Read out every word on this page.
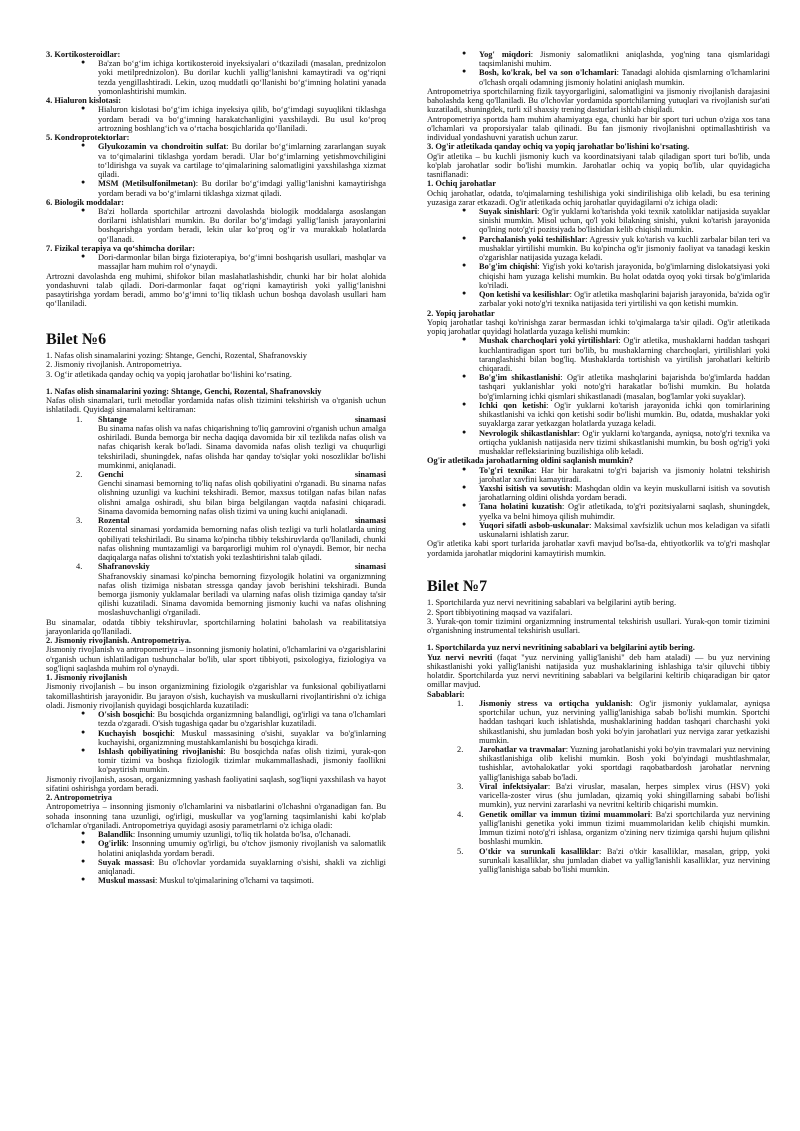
3. Kortikosteroidlar:

● Ba'zan bo‘g‘im ichiga kortikosteroid inyeksiyalari o‘tkaziladi (masalan, prednizolon yoki metilprednizolon). Bu dorilar kuchli yallig‘lanishni kamaytiradi va og‘riqni tezda yengillashtiradi. Lekin, uzoq muddatli qo‘llanishi bo‘g‘imning holatini yanada yomonlashtirishi mumkin.

4. Hialuron kislotasi:

● Hialuron kislotasi bo‘g‘im ichiga inyeksiya qilib, bo‘g‘imdagi suyuqlikni tiklashga yordam beradi va bo‘g‘imning harakatchanligini yaxshilaydi. Bu usul ko‘proq artrozning boshlang‘ich va o‘rtacha bosqichlarida qo‘llaniladi.

5. Kondroprotektorlar:

● Glyukozamin va chondroitin sulfat: Bu dorilar bo‘g‘imlarning zararlangan suyak va to‘qimalarini tiklashga yordam beradi. Ular bo‘g‘imlarning yetishmovchiligini to‘ldirishga va suyak va cartilage to‘qimalarining salomatligini yaxshilashga xizmat qiladi.
● MSM (Metilsulfonilmetan): Bu dorilar bo‘g‘imdagi yallig‘lanishni kamaytirishga yordam beradi va bo‘g‘imlarni tiklashga xizmat qiladi.

6. Biologik moddalar:

● Ba'zi hollarda sportchilar artrozni davolashda biologik moddalarga asoslangan dorilarni ishlatishlari mumkin. Bu dorilar bo‘g‘imdagi yallig‘lanish jarayonlarini boshqarishga yordam beradi, lekin ular ko‘proq og‘ir va murakkab holatlarda qo‘llanadi.

7. Fizikal terapiya va qo‘shimcha dorilar:

● Dori-darmonlar bilan birga fizioterapiya, bo‘g‘imni boshqarish usullari, mashqlar va massajlar ham muhim rol o‘ynaydi.

Artrozni davolashda eng muhimi, shifokor bilan maslahatlashishdir, chunki har bir holat alohida yondashuvni talab qiladi. Dori-darmonlar faqat og‘riqni kamaytirish yoki yallig‘lanishni pasaytirishga yordam beradi, ammo bo‘g‘imni to‘liq tiklash uchun boshqa davolash usullari ham qo‘llaniladi.

Bilet №6

1. Nafas olish sinamalarini yozing: Shtange, Genchi, Rozental, Shafranovskiy

2. Jismoniy rivojlanish. Antropometriya.

3. Og‘ir atletikada qanday ochiq va yopiq jarohatlar bo‘lishini ko‘rsating.

1. Nafas olish sinamalarini yozing: Shtange, Genchi, Rozental, Shafranovskiy

Nafas olish sinamalari, turli metodlar yordamida nafas olish tizimini tekshirish va o'rganish uchun ishlatiladi. Quyidagi sinamalarni keltiraman:

1. Shtange	sinamasi
Bu sinama nafas olish va nafas chiqarishning to'liq gamrovini o'rganish uchun amalga oshiriladi. Bunda bemorga bir necha daqiqa davomida bir xil tezlikda nafas olish va nafas chiqarish kerak bo'ladi. Sinama davomida nafas olish tezligi va chuqurligi tekshiriladi, shuningdek, nafas olishda har qanday to'siqlar yoki nosozliklar bo'lishi mumkinmi, aniqlanadi.
2. Genchi	sinamasi
Genchi sinamasi bemorning to'liq nafas olish qobiliyatini o'rganadi. Bu sinama nafas olishning uzunligi va kuchini tekshiradi. Bemor, maxsus totilgan nafas bilan nafas olishni amalga oshiradi, shu bilan birga belgilangan vaqtda nafasini chiqaradi. Sinama davomida bemorning nafas olish tizimi va uning kuchi aniqlanadi.
3. Rozental	sinamasi
Rozental sinamasi yordamida bemorning nafas olish tezligi va turli holatlarda uning qobiliyati tekshiriladi. Bu sinama ko'pincha tibbiy tekshiruvlarda qo'llaniladi, chunki nafas olishning muntazamligi va barqarorligi muhim rol o'ynaydi. Bemor, bir necha daqiqalarga nafas olishni to'xtatish yoki tezlashtirishni talab qiladi.
4. Shafranovskiy	sinamasi
Shafranovskiy sinamasi ko'pincha bemorning fizyologik holatini va organizmning nafas olish tizimiga nisbatan stressga qanday javob berishini tekshiradi. Bunda bemorga jismoniy yuklamalar beriladi va ularning nafas olish tizimiga qanday ta'sir qilishi kuzatiladi. Sinama davomida bemorning jismoniy kuchi va nafas olishning moslashuvchanligi o'rganiladi.

Bu sinamalar, odatda tibbiy tekshiruvlar, sportchilarning holatini baholash va reabilitatsiya jarayonlarida qo'llaniladi.

2. Jismoniy rivojlanish. Antropometriya.

Jismoniy rivojlanish va antropometriya – insonning jismoniy holatini, o'lchamlarini va o'zgarishlarini o'rganish uchun ishlatiladigan tushunchalar bo'lib, ular sport tibbiyoti, psixologiya, fiziologiya va sog'liqni saqlashda muhim rol o'ynaydi.

1. Jismoniy rivojlanish

Jismoniy rivojlanish – bu inson organizmining fiziologik o'zgarishlar va funksional qobiliyatlarni takomillashtirish jarayonidir. Bu jarayon o'sish, kuchayish va muskullarni rivojlantirishni o'z ichiga oladi. Jismoniy rivojlanish quyidagi bosqichlarda kuzatiladi:

● O'sish bosqichi: Bu bosqichda organizmning balandligi, og'irligi va tana o'lchamlari tezda o'zgaradi. O'sish tugashiga qadar bu o'zgarishlar kuzatiladi.
● Kuchayish bosqichi: Muskul massasining o'sishi, suyaklar va bo'g'inlarning kuchayishi, organizmning mustahkamlanishi bu bosqichga kiradi.
● Ishlash qobiliyatining rivojlanishi: Bu bosqichda nafas olish tizimi, yurak-qon tomir tizimi va boshqa fiziologik tizimlar mukammallashadi, jismoniy faollikni ko'paytirish mumkin.

Jismoniy rivojlanish, asosan, organizmning yashash faoliyatini saqlash, sog'liqni yaxshilash va hayot sifatini oshirishga yordam beradi.

2. Antropometriya

Antropometriya – insonning jismoniy o'lchamlarini va nisbatlarini o'lchashni o'rganadigan fan. Bu sohada insonning tana uzunligi, og'irligi, muskullar va yog'larning taqsimlanishi kabi ko'plab o'lchamlar o'rganiladi. Antropometriya quyidagi asosiy parametrlarni o'z ichiga oladi:

● Balandlik: Insonning umumiy uzunligi, to'liq tik holatda bo'lsa, o'lchanadi.
● Og'irlik: Insonning umumiy og'irligi, bu o'tchov jismoniy rivojlanish va salomatlik holatini aniqlashda yordam beradi.
● Suyak massasi: Bu o'lchovlar yordamida suyaklarning o'sishi, shakli va zichligi aniqlanadi.
● Muskul massasi: Muskul to'qimalarining o'lchami va taqsimoti.
● Yog' miqdori: Jismoniy salomatlikni aniqlashda, yog'ning tana qismlaridagi taqsimlanishi muhim.
● Bosh, ko'krak, bel va son o'lchamlari: Tanadagi alohida qismlarning o'lchamlarini o'lchash orqali odamning jismoniy holatini aniqlash mumkin.

Antropometriya sportchilarning fizik tayyorgarligini, salomatligini va jismoniy rivojlanish darajasini baholashda keng qo'llaniladi. Bu o'lchovlar yordamida sportchilarning yutuqlari va rivojlanish sur'ati kuzatiladi, shuningdek, turli xil shaxsiy trening dasturlari ishlab chiqiladi.

Antropometriya sportda ham muhim ahamiyatga ega, chunki har bir sport turi uchun o'ziga xos tana o'lchamlari va proporsiyalar talab qilinadi. Bu fan jismoniy rivojlanishni optimallashtirish va individual yondashuvni yaratish uchun zarur.

3. Og'ir atletikada qanday ochiq va yopiq jarohatlar bo'lishini ko'rsating.

Og'ir atletika – bu kuchli jismoniy kuch va koordinatsiyani talab qiladigan sport turi bo'lib, unda ko'plab jarohatlar sodir bo'lishi mumkin. Jarohatlar ochiq va yopiq bo'lib, ular quyidagicha tasniflanadi:

1. Ochiq jarohatlar

Ochiq jarohatlar, odatda, to'qimalarning teshilishiga yoki sindirilishiga olib keladi, bu esa terining yuzasiga zarar etkazadi. Og'ir atletikada ochiq jarohatlar quyidagilarni o'z ichiga oladi:

● Suyak sinishlari: Og'ir yuklarni ko'tarishda yoki texnik xatoliklar natijasida suyaklar sinishi mumkin. Misol uchun, qo'l yoki bilakning sinishi, yukni ko'tarish jarayonida qo'lning noto'g'ri pozitsiyada bo'lishidan kelib chiqishi mumkin.
● Parchalanish yoki teshilishlar: Agressiv yuk ko'tarish va kuchli zarbalar bilan teri va mushaklar yirtilishi mumkin. Bu ko'pincha og'ir jismoniy faoliyat va tanadagi keskin o'zgarishlar natijasida yuzaga keladi.
● Bo'g'im chiqishi: Yig'ish yoki ko'tarish jarayonida, bo'g'imlarning dislokatsiyasi yoki chiqishi ham yuzaga kelishi mumkin. Bu holat odatda oyoq yoki tirsak bo'g'imlarida ko'riladi.
● Qon ketishi va kesilishlar: Og'ir atletika mashqlarini bajarish jarayonida, ba'zida og'ir zarbalar yoki noto'g'ri texnika natijasida teri yirtilishi va qon ketishi mumkin.

2. Yopiq jarohatlar

Yopiq jarohatlar tashqi ko'rinishga zarar bermasdan ichki to'qimalarga ta'sir qiladi. Og'ir atletikada yopiq jarohatlar quyidagi holatlarda yuzaga kelishi mumkin:

● Mushak charchoqlari yoki yirtilishlari: Og'ir atletika, mushaklarni haddan tashqari kuchlantiradigan sport turi bo'lib, bu mushaklarning charchoqlari, yirtilishlari yoki taranglashishi bilan bog'liq. Mushaklarda tortishish va yirtilish jarohatlari keltirib chiqaradi.
● Bo'g'im shikastlanishi: Og'ir atletika mashqlarini bajarishda bo'g'imlarda haddan tashqari yuklanishlar yoki noto'g'ri harakatlar bo'lishi mumkin. Bu holatda bo'g'imlarning ichki qismlari shikastlanadi (masalan, bog'lamlar yoki suyaklar).
● Ichki qon ketishi: Og'ir yuklarni ko'tarish jarayonida ichki qon tomirlarining shikastlanishi va ichki qon ketishi sodir bo'lishi mumkin. Bu, odatda, mushaklar yoki suyaklarga zarar yetkazgan holatlarda yuzaga keladi.
● Nevrologik shikastlanishlar: Og'ir yuklarni ko'targanda, ayniqsa, noto'g'ri texnika va ortiqcha yuklanish natijasida nerv tizimi shikastlanishi mumkin, bu bosh og'rig'i yoki mushaklar refleksiarining buzilishiga olib keladi.

Og'ir atletikada jarohatlarning oldini saqlanish mumkin?

● To'g'ri texnika: Har bir harakatni to'g'ri bajarish va jismoniy holatni tekshirish jarohatlar xavfini kamaytiradi.
● Yaxshi isitish va sovutish: Mashqdan oldin va keyin muskullarni isitish va sovutish jarohatlarning oldini olishda yordam beradi.
● Tana holatini kuzatish: Og'ir atletikada, to'g'ri pozitsiyalarni saqlash, shuningdek, yyelka va belni himoya qilish muhimdir.
● Yuqori sifatli asbob-uskunalar: Maksimal xavfsizlik uchun mos keladigan va sifatli uskunalarni ishlatish zarur.

Og'ir atletika kabi sport turlarida jarohatlar xavfi mavjud bo'lsa-da, ehtiyotkorlik va to'g'ri mashqlar yordamida jarohatlar miqdorini kamaytirish mumkin.

Bilet №7

1. Sportchilarda yuz nervi nevritining sabablari va belgilarini aytib bering.

2. Sport tibbiyotining maqsad va vazifalari.

3. Yurak-qon tomir tizimini organizmning instrumental tekshirish usullari. Yurak-qon tomir tizimini o'rganishning instrumental tekshirish usullari.

1. Sportchilarda yuz nervi nevritining sabablari va belgilarini aytib bering.

Yuz nervi nevriti (faqat "yuz nervining yallig'lanishi" deb ham ataladi) — bu yuz nervining shikastlanishi yoki yallig'lanishi natijasida yuz mushaklarining ishlashiga ta'sir qiluvchi tibbiy holatdir. Sportchilarda yuz nervi nevritining sabablari va belgilarini keltirib chiqaradigan bir qator omillar mavjud.

Sabablari:

1. Jismoniy stress va ortiqcha yuklanish: Og'ir jismoniy yuklamalar, ayniqsa sportchilar uchun, yuz nervining yallig'lanishiga sabab bo'lishi mumkin. Sportchi haddan tashqari kuch ishlatishda, mushaklarining haddan tashqari charchashi yoki shikastlanishi, shu jumladan bosh yoki bo'yin jarohatlari yuz nerviga zarar yetkazishi mumkin.
2. Jarohatlar va travmalar: Yuzning jarohatlanishi yoki bo'yin travmalari yuz nervining shikastlanishiga olib kelishi mumkin. Bosh yoki bo'yindagi mushtlashmalar, tushishlar, avtohalokatlar yoki sportdagi raqobatbardosh jarohatlar nervning yallig'lanishiga sabab bo'ladi.
3. Viral infektsiyalar: Ba'zi viruslar, masalan, herpes simplex virus (HSV) yoki varicella-zoster virus (shu jumladan, qizamiq yoki shingillarning sababi bo'lishi mumkin), yuz nervini zararlashi va nevritni keltirib chiqarishi mumkin.
4. Genetik omillar va immun tizimi muammolari: Ba'zi sportchilarda yuz nervining yallig'lanishi genetika yoki immun tizimi muammolaridan kelib chiqishi mumkin. Immun tizimi noto'g'ri ishlasa, organizm o'zining nerv tizimiga qarshi hujum qilishni boshlashi mumkin.
5. O'tkir va surunkali kasalliklar: Ba'zi o'tkir kasalliklar, masalan, gripp, yoki surunkali kasalliklar, shu jumladan diabet va yallig'lanishli kasalliklar, yuz nervining yallig'lanishiga sabab bo'lishi mumkin.
